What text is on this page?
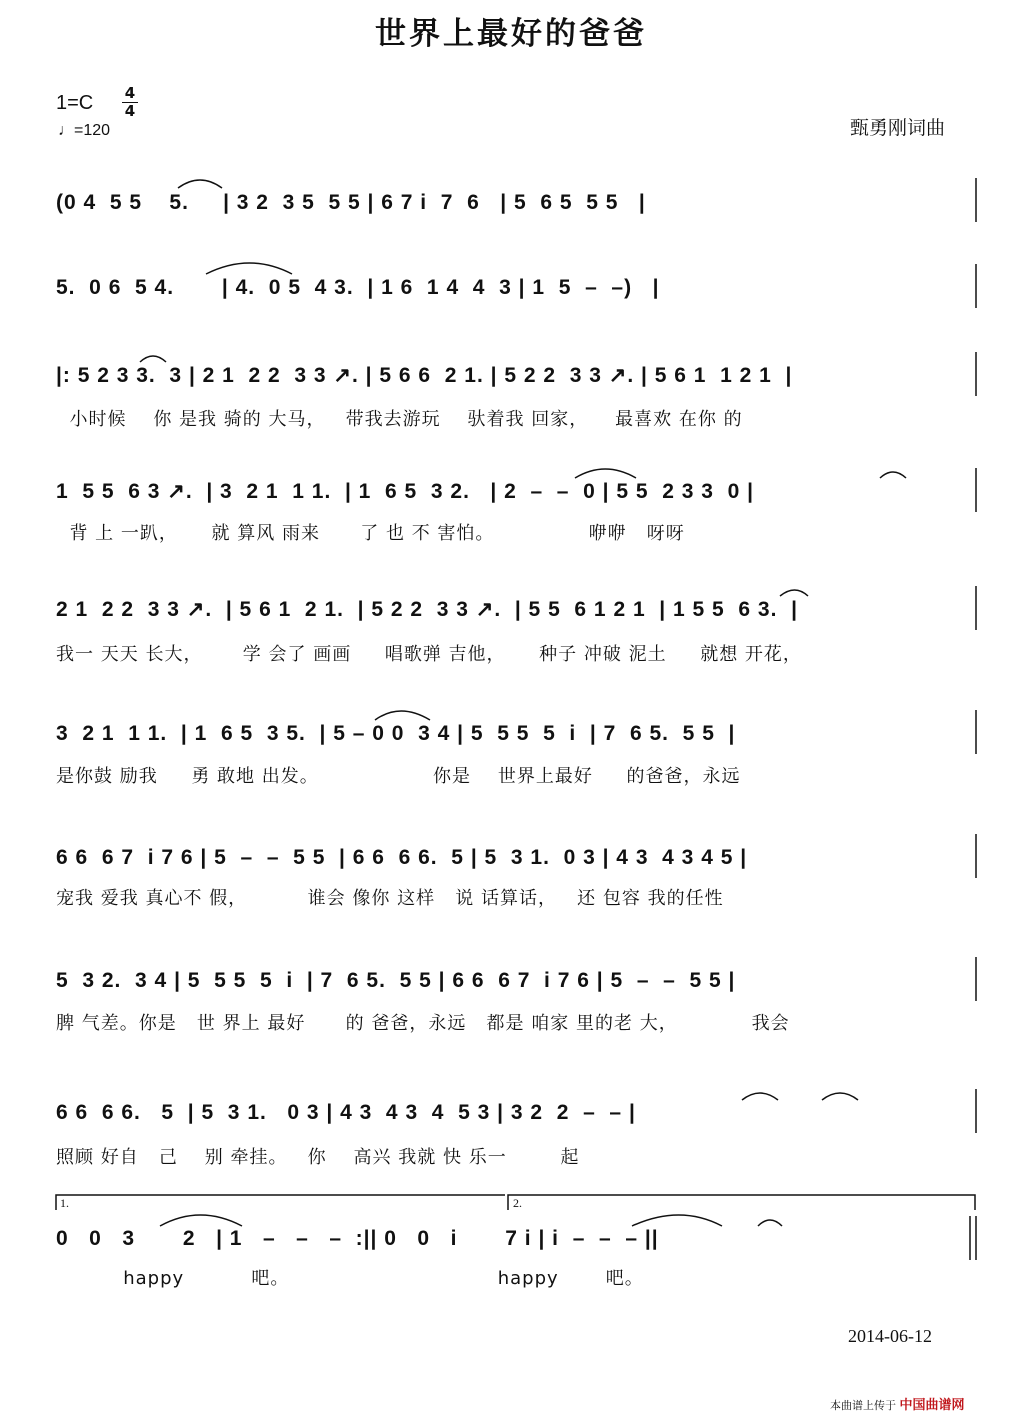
世界上最好的爸爸
1=C 4
4
♩=120	甄勇刚词曲
(0 4  5 5    5.     | 3 2  3 5  5 5 | 6 7 i  7  6   | 5  6 5  5 5   |
5.  0 6  5 4.       | 4.  0 5  4 3.  | 1 6  1 4  4  3 | 1  5  –  –)   |
|: 5 2 3 3.  3 | 2 1  2 2  3 3 ↗. | 5 6 6  2 1. | 5 2 2  3 3 ↗. | 5 6 1  1 2 1  |
小时候    你 是我 骑的 大马，   带我去游玩    驮着我 回家，    最喜欢 在你 的
1  5 5  6 3 ↗.  | 3  2 1  1 1.  | 1  6 5  3 2.   | 2  –  –  0 | 5 5  2 3 3  0 |
背 上 一趴，     就 算风 雨来      了 也 不 害怕。              咿咿   呀呀
2 1  2 2  3 3 ↗.  | 5 6 1  2 1.  | 5 2 2  3 3 ↗.  | 5 5  6 1 2 1  | 1 5 5  6 3.  |
我一 天天 长大，      学 会了 画画     唱歌弹 吉他，     种子 冲破 泥土     就想 开花，
3  2 1  1 1.  | 1  6 5  3 5.  | 5 – 0 0  3 4 | 5  5 5  5  i  | 7  6 5.  5 5  |
是你鼓 励我     勇 敢地 出发。                 你是    世界上最好     的爸爸，永远
6 6  6 7  i 7 6 | 5  –  –  5 5  | 6 6  6 6.  5 | 5  3 1.  0 3 | 4 3  4 3 4 5 |
宠我 爱我 真心不 假，         谁会 像你 这样   说 话算话，   还 包容 我的任性
5  3 2.  3 4 | 5  5 5  5  i  | 7  6 5.  5 5 | 6 6  6 7  i 7 6 | 5  –  –  5 5 |
脾 气差。你是   世 界上 最好      的 爸爸，永远   都是 咱家 里的老 大，           我会
6 6  6 6.   5  | 5  3 1.   0 3 | 4 3  4 3  4  5 3 | 3 2  2  –  – |
照顾 好自   己    别 牵挂。   你    高兴 我就 快 乐一        起
1.	2.
0   0   3       2   | 1   –   –   –  :|| 0   0   i       7 i | i  –  –  – ||
happy          吧。                               happy       吧。
2014-06-12
本曲谱上传于 中国曲谱网
